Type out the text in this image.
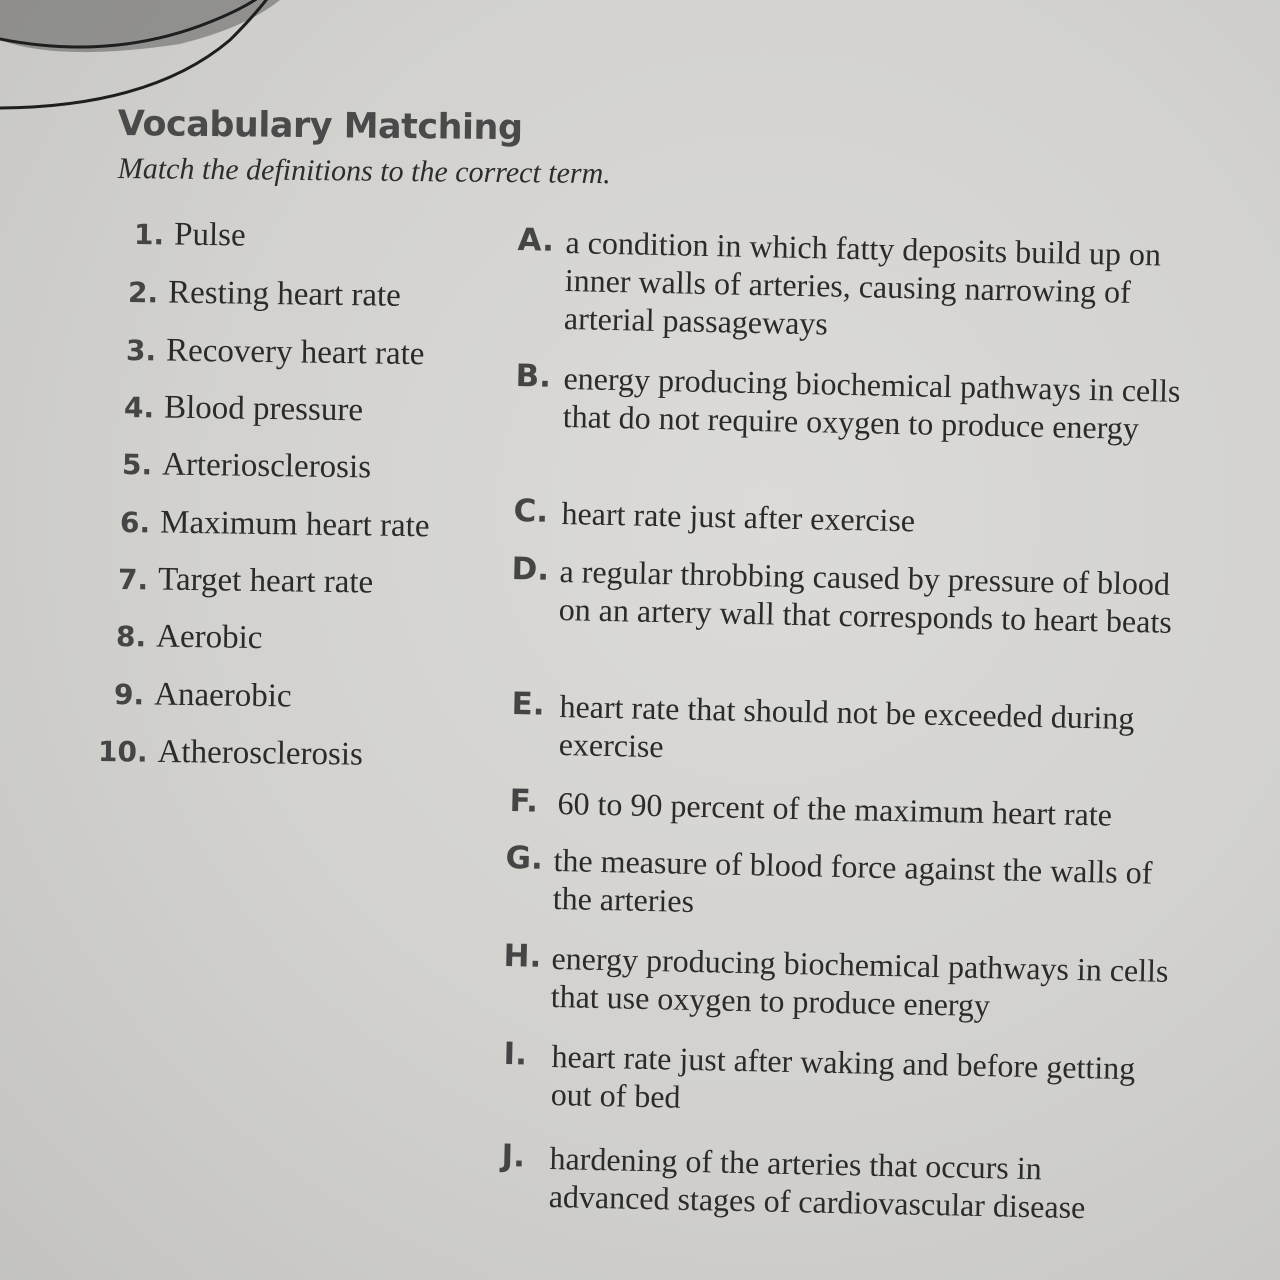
Vocabulary Matching
Match the definitions to the correct term.
1. Pulse
2. Resting heart rate
3. Recovery heart rate
4. Blood pressure
5. Arteriosclerosis
6. Maximum heart rate
7. Target heart rate
8. Aerobic
9. Anaerobic
10. Atherosclerosis
A. a condition in which fatty deposits build up on inner walls of arteries, causing narrowing of arterial passageways
B. energy producing biochemical pathways in cells that do not require oxygen to produce energy
C. heart rate just after exercise
D. a regular throbbing caused by pressure of blood on an artery wall that corresponds to heart beats
E. heart rate that should not be exceeded during exercise
F. 60 to 90 percent of the maximum heart rate
G. the measure of blood force against the walls of the arteries
H. energy producing biochemical pathways in cells that use oxygen to produce energy
I. heart rate just after waking and before getting out of bed
J. hardening of the arteries that occurs in advanced stages of cardiovascular disease
